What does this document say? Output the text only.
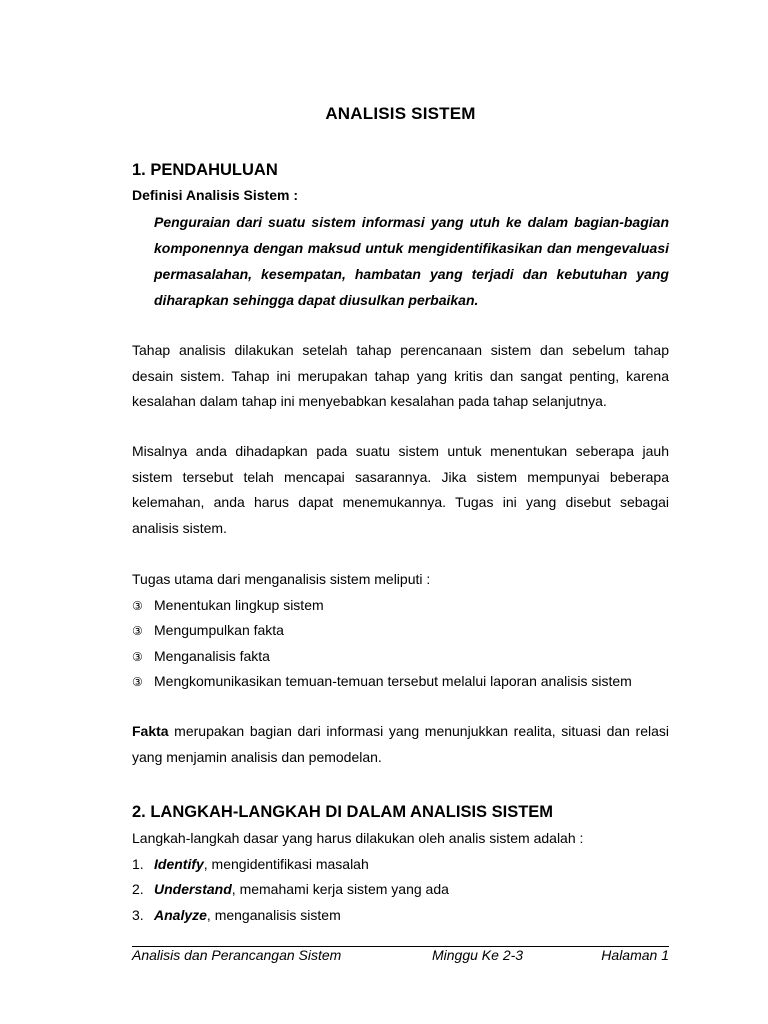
ANALISIS SISTEM
1. PENDAHULUAN
Definisi Analisis Sistem :
Penguraian dari suatu sistem informasi yang utuh ke dalam bagian-bagian komponennya dengan maksud untuk mengidentifikasikan dan mengevaluasi permasalahan, kesempatan, hambatan yang terjadi dan kebutuhan yang diharapkan sehingga dapat diusulkan perbaikan.
Tahap analisis dilakukan setelah tahap perencanaan sistem dan sebelum tahap desain sistem. Tahap ini merupakan tahap yang kritis dan sangat penting, karena kesalahan dalam tahap ini menyebabkan kesalahan pada tahap selanjutnya.
Misalnya anda dihadapkan pada suatu sistem untuk menentukan seberapa jauh sistem tersebut telah mencapai sasarannya. Jika sistem mempunyai beberapa kelemahan, anda harus dapat menemukannya. Tugas ini yang disebut sebagai analisis sistem.
Tugas utama dari menganalisis sistem meliputi :
③ Menentukan lingkup sistem
③ Mengumpulkan fakta
③ Menganalisis fakta
③ Mengkomunikasikan temuan-temuan tersebut melalui laporan analisis sistem
Fakta merupakan bagian dari informasi yang menunjukkan realita, situasi dan relasi yang menjamin analisis dan pemodelan.
2. LANGKAH-LANGKAH DI DALAM ANALISIS SISTEM
Langkah-langkah dasar yang harus dilakukan oleh analis sistem adalah :
1. Identify, mengidentifikasi masalah
2. Understand, memahami kerja sistem yang ada
3. Analyze, menganalisis sistem
Analisis dan Perancangan Sistem	Minggu Ke 2-3	Halaman 1
